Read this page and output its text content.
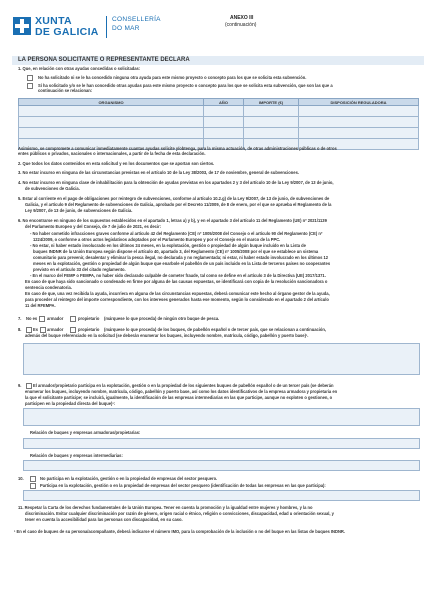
XUNTA
DE GALICIA
CONSELLERÍA
DO MAR
ANEXO III
(continuación)
LA PERSONA SOLICITANTE O REPRESENTANTE DECLARA
1. Que, en relación con otras ayudas concedidas o solicitadas:
No ha solicitado ni se le ha concedido ninguna otra ayuda para este mismo proyecto o concepto para los que se solicita esta subvención.
Sí ha solicitado y/o se le han concedido otras ayudas para este mismo proyecto o concepto para los que se solicita esta subvención, que son las que a
continuación se relacionan:
ORGANISMO	AÑO	IMPORTE (€)	DISPOSICIÓN REGULADORA

Asimismo, se compromete a comunicar inmediatamente cuantas ayudas solicite y/obtenga, para la misma actuación, de otras administraciones públicas o de otros
entes públicos o privados, nacionales o internacionales, a partir de la fecha de esta declaración.
2. Que todos los datos contenidos en esta solicitud y en los documentos que se aportan son ciertos.
3. No estar incurso en ninguna de las circunstancias previstas en el artículo 10 de la Ley 38/2003, de 17 de noviembre, general de subvenciones.
4. No estar incurso en ninguna clase de inhabilitación para la obtención de ayudas previstas en los apartados 2 y 3 del artículo 10 de la Ley 9/2007, de 13 de junio,
de subvenciones de Galicia.
5. Estar al corriente en el pago de obligaciones por reintegro de subvenciones, conforme al artículo 10.2.g) de la Ley 9/2007, de 13 de junio, de subvenciones de
Galicia, y el artículo 9 del Reglamento de subvenciones de Galicia, aprobado por el Decreto 11/2009, de 8 de enero, por el que se aprueba el Reglamento de la
Ley 9/2007, de 13 de junio, de subvenciones de Galicia.
6. No encontrarse en ninguno de los supuestos establecidos en el apartado 1, letras a) y b), y en el apartado 3 del artículo 11 del Reglamento (UE) nº 2021/1139
del Parlamento Europeo y del Consejo, de 7 de julio de 2021, es decir:
- No haber cometido infracciones graves conforme al artículo 42 del Reglamento (CE) nº 1005/2008 del Consejo o el artículo 90 del Reglamento (CE) nº
1224/2009, o conforme a otros actos legislativos adoptados por el Parlamento Europeo y por el Consejo en el marco de la PPC.
- No estar, ni haber estado involucrado en los últimos 24 meses, en la explotación, gestión o propiedad de algún buque incluido en la Lista de
buques INDNR de la Unión Europea según dispone el artículo 40, apartado 3, del Reglamento (CE) nº 1005/2008 por el que se establece un sistema
comunitario para prevenir, desalentar y eliminar la pesca ilegal, no declarada y no reglamentada; ni estar, ni haber estado involucrado en los últimos 12
meses en la explotación, gestión o propiedad de algún buque que enarbole el pabellón de un país incluido en la Lista de terceros países no cooperantes
previsto en el artículo 33 del citado reglamento.
- En el marco del FEMP o FEMPA, no haber sido declarado culpable de cometer fraude, tal como se define en el artículo 3 de la Directiva (UE) 2017/1371.
En caso de que haya sido sancionado o condenado en firme por alguna de las causas expuestas, se identificará con copia de la resolución sancionadora o
sentencia condenatoria.
En caso de que, una vez recibida la ayuda, incurriera en alguna de las circunstancias expuestas, deberá comunicar este hecho al órgano gestor de la ayuda,
para proceder al reintegro del importe correspondiente, con los intereses generados hasta ese momento, según lo considerado en el apartado 2 del artículo
11 del RFEMPA.
7. No es armador	propietario (márquese lo que proceda) de ningún otro buque de pesca.
8.	Es armador	propietario (márquese lo que proceda) de los buques, de pabellón español o de tercer país, que se relacionan a continuación,
además del buque referenciado en la solicitud (se deberán enumerar los buques, incluyendo nombre, matrícula, código, pabellón y puerto base)¹.
9.	El armador/propietario participa en la explotación, gestión o en la propiedad de los siguientes buques de pabellón español o de un tercer país (se deberán
enumerar los buques, incluyendo nombre, matrícula, código, pabellón y puerto base, así como los datos identificativos de la empresa armadora y propietaria en
la que el solicitante participe; se incluirá, igualmente, la identificación de las empresas intermediarias en las que participe, aunque no exploten o gestionen, o
participen en la propiedad directa del buque)¹:
Relación de buques y empresas armadoras/propietarias:
Relación de buques y empresas intermediarias:
10.	No participa en la explotación, gestión o en la propiedad de empresas del sector pesquero.
Participa en la explotación, gestión o en la propiedad de empresas del sector pesquero (identificación de todas las empresas en las que participa):
11. Respetar la Carta de los derechos fundamentales de la Unión Europea. Tener en cuenta la promoción y la igualdad entre mujeres y hombres, y la no
discriminación. Evitar cualquier discriminación por razón de género, origen racial o étnico, religión o convicciones, discapacidad, edad u orientación sexual, y
tener en cuenta la accesibilidad para las personas con discapacidad, en su caso.
¹ En el caso de buques de su persona/acompañante, deberá indicarse el número IMO, para la comprobación de la inclusión o no del buque en las listas de buques INDNR.
